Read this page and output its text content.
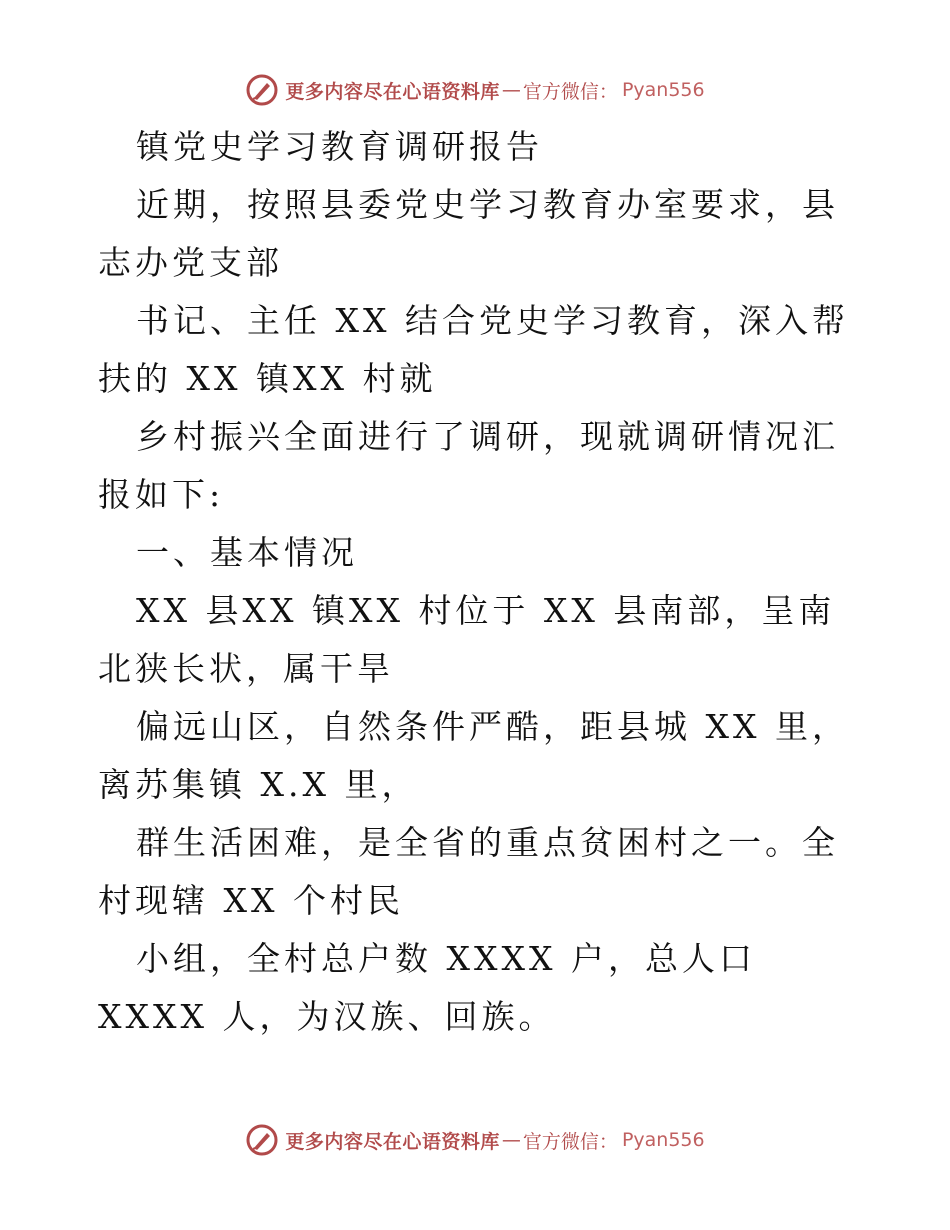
更多内容尽在心语资料库 — 官方微信： Pyan556

镇党史学习教育调研报告

近期，按照县委党史学习教育办室要求，县志办党支部

书记、主任 XX 结合党史学习教育，深入帮扶的 XX 镇XX 村就

乡村振兴全面进行了调研，现就调研情况汇报如下:

一、基本情况

XX 县XX 镇XX 村位于 XX 县南部，呈南北狭长状，属干旱

偏远山区，自然条件严酷，距县城 XX 里，离苏集镇 X.X 里，

群生活困难，是全省的重点贫困村之一。全村现辖 XX 个村民

小组，全村总户数 XXXX 户，总人口 XXXX 人，为汉族、回族。

更多内容尽在心语资料库 — 官方微信： Pyan556
